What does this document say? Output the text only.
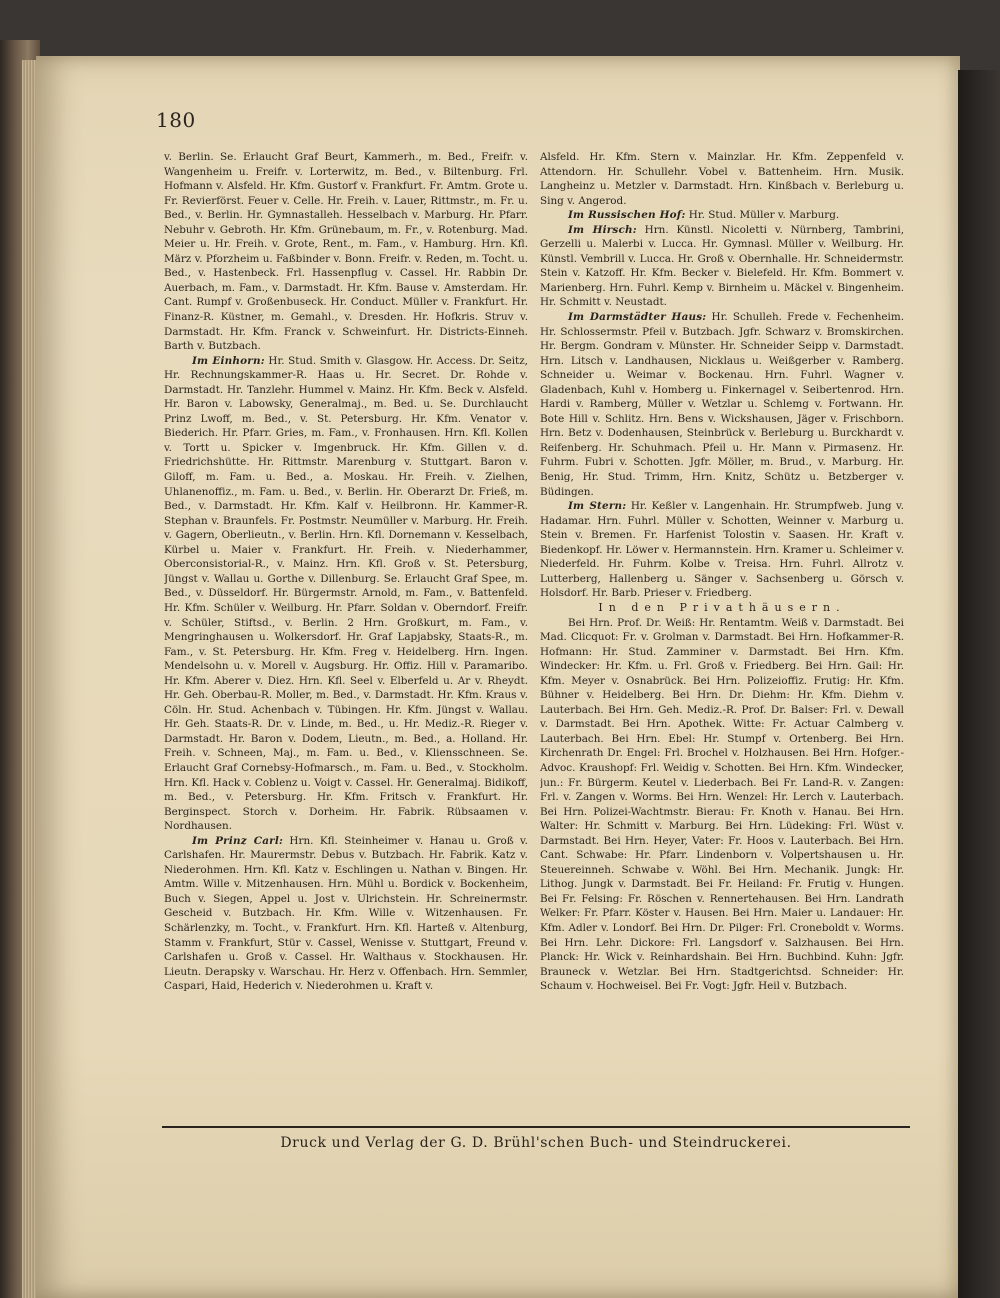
180

v. Berlin. Se. Erlaucht Graf Beurt, Kammerh., m. Bed., Freifr. v. Wangenheim u. Freifr. v. Lorterwitz, m. Bed., v. Biltenburg. Frl. Hofmann v. Alsfeld. Hr. Kfm. Gustorf v. Frankfurt. Fr. Amtm. Grote u. Fr. Revierförst. Feuer v. Celle. Hr. Freih. v. Lauer, Rittmstr., m. Fr. u. Bed., v. Berlin. Hr. Gymnastalleh. Hesselbach v. Marburg. Hr. Pfarr. Nebuhr v. Gebroth. Hr. Kfm. Grünebaum, m. Fr., v. Rotenburg. Mad. Meier u. Hr. Freih. v. Grote, Rent., m. Fam., v. Hamburg. Hrn. Kfl. März v. Pforzheim u. Faßbinder v. Bonn. Freifr. v. Reden, m. Tocht. u. Bed., v. Hastenbeck. Frl. Hassenpflug v. Cassel. Hr. Rabbin Dr. Auerbach, m. Fam., v. Darmstadt. Hr. Kfm. Bause v. Amsterdam. Hr. Cant. Rumpf v. Großenbuseck. Hr. Conduct. Müller v. Frankfurt. Hr. Finanz-R. Küstner, m. Gemahl., v. Dresden. Hr. Hofkris. Struv v. Darmstadt. Hr. Kfm. Franck v. Schweinfurt. Hr. Districts-Einneh. Barth v. Butzbach.

Im Einhorn: Hr. Stud. Smith v. Glasgow. Hr. Access. Dr. Seitz, Hr. Rechnungskammer-R. Haas u. Hr. Secret. Dr. Rohde v. Darmstadt. Hr. Tanzlehr. Hummel v. Mainz. Hr. Kfm. Beck v. Alsfeld. Hr. Baron v. Labowsky, Generalmaj., m. Bed. u. Se. Durchlaucht Prinz Lwoff, m. Bed., v. St. Petersburg. Hr. Kfm. Venator v. Biederich. Hr. Pfarr. Gries, m. Fam., v. Fronhausen. Hrn. Kfl. Kollen v. Tortt u. Spicker v. Imgenbruck. Hr. Kfm. Gillen v. d. Friedrichshütte. Hr. Rittmstr. Marenburg v. Stuttgart. Baron v. Giloff, m. Fam. u. Bed., a. Moskau. Hr. Freih. v. Zielhen, Uhlanenoffiz., m. Fam. u. Bed., v. Berlin. Hr. Oberarzt Dr. Frieß, m. Bed., v. Darmstadt. Hr. Kfm. Kalf v. Heilbronn. Hr. Kammer-R. Stephan v. Braunfels. Fr. Postmstr. Neumüller v. Marburg. Hr. Freih. v. Gagern, Oberlieutn., v. Berlin. Hrn. Kfl. Dornemann v. Kesselbach, Kürbel u. Maier v. Frankfurt. Hr. Freih. v. Niederhammer, Oberconsistorial-R., v. Mainz. Hrn. Kfl. Groß v. St. Petersburg, Jüngst v. Wallau u. Gorthe v. Dillenburg. Se. Erlaucht Graf Spee, m. Bed., v. Düsseldorf. Hr. Bürgermstr. Arnold, m. Fam., v. Battenfeld. Hr. Kfm. Schüler v. Weilburg. Hr. Pfarr. Soldan v. Oberndorf. Freifr. v. Schüler, Stiftsd., v. Berlin. 2 Hrn. Großkurt, m. Fam., v. Mengringhausen u. Wolkersdorf. Hr. Graf Lapjabsky, Staats-R., m. Fam., v. St. Petersburg. Hr. Kfm. Freg v. Heidelberg. Hrn. Ingen. Mendelsohn u. v. Morell v. Augsburg. Hr. Offiz. Hill v. Paramaribo. Hr. Kfm. Aberer v. Diez. Hrn. Kfl. Seel v. Elberfeld u. Ar v. Rheydt. Hr. Geh. Oberbau-R. Moller, m. Bed., v. Darmstadt. Hr. Kfm. Kraus v. Cöln. Hr. Stud. Achenbach v. Tübingen. Hr. Kfm. Jüngst v. Wallau. Hr. Geh. Staats-R. Dr. v. Linde, m. Bed., u. Hr. Mediz.-R. Rieger v. Darmstadt. Hr. Baron v. Dodem, Lieutn., m. Bed., a. Holland. Hr. Freih. v. Schneen, Maj., m. Fam. u. Bed., v. Kliensschneen. Se. Erlaucht Graf Cornebsy-Hofmarsch., m. Fam. u. Bed., v. Stockholm. Hrn. Kfl. Hack v. Coblenz u. Voigt v. Cassel. Hr. Generalmaj. Bidikoff, m. Bed., v. Petersburg. Hr. Kfm. Fritsch v. Frankfurt. Hr. Berginspect. Storch v. Dorheim. Hr. Fabrik. Rübsaamen v. Nordhausen.

Im Prinz Carl: Hrn. Kfl. Steinheimer v. Hanau u. Groß v. Carlshafen. Hr. Maurermstr. Debus v. Butzbach. Hr. Fabrik. Katz v. Niederohmen. Hrn. Kfl. Katz v. Eschlingen u. Nathan v. Bingen. Hr. Amtm. Wille v. Mitzenhausen. Hrn. Mühl u. Bordick v. Bockenheim, Buch v. Siegen, Appel u. Jost v. Ulrichstein. Hr. Schreinermstr. Gescheid v. Butzbach. Hr. Kfm. Wille v. Witzenhausen. Fr. Schärlenzky, m. Tocht., v. Frankfurt. Hrn. Kfl. Harteß v. Altenburg, Stamm v. Frankfurt, Stür v. Cassel, Wenisse v. Stuttgart, Freund v. Carlshafen u. Groß v. Cassel. Hr. Walthaus v. Stockhausen. Hr. Lieutn. Derapsky v. Warschau. Hr. Herz v. Offenbach. Hrn. Semmler, Caspari, Haid, Hederich v. Niederohmen u. Kraft v.

Alsfeld. Hr. Kfm. Stern v. Mainzlar. Hr. Kfm. Zeppenfeld v. Attendorn. Hr. Schullehr. Vobel v. Battenheim. Hrn. Musik. Langheinz u. Metzler v. Darmstadt. Hrn. Kinßbach v. Berleburg u. Sing v. Angerod.

Im Russischen Hof: Hr. Stud. Müller v. Marburg.

Im Hirsch: Hrn. Künstl. Nicoletti v. Nürnberg, Tambrini, Gerzelli u. Malerbi v. Lucca. Hr. Gymnasl. Müller v. Weilburg. Hr. Künstl. Vembrill v. Lucca. Hr. Groß v. Obernhalle. Hr. Schneidermstr. Stein v. Katzoff. Hr. Kfm. Becker v. Bielefeld. Hr. Kfm. Bommert v. Marienberg. Hrn. Fuhrl. Kemp v. Birnheim u. Mäckel v. Bingenheim. Hr. Schmitt v. Neustadt.

Im Darmstädter Haus: Hr. Schulleh. Frede v. Fechenheim. Hr. Schlossermstr. Pfeil v. Butzbach. Jgfr. Schwarz v. Bromskirchen. Hr. Bergm. Gondram v. Münster. Hr. Schneider Seipp v. Darmstadt. Hrn. Litsch v. Landhausen, Nicklaus u. Weißgerber v. Ramberg. Schneider u. Weimar v. Bockenau. Hrn. Fuhrl. Wagner v. Gladenbach, Kuhl v. Homberg u. Finkernagel v. Seibertenrod. Hrn. Hardi v. Ramberg, Müller v. Wetzlar u. Schlemg v. Fortwann. Hr. Bote Hill v. Schlitz. Hrn. Bens v. Wickshausen, Jäger v. Frischborn. Hrn. Betz v. Dodenhausen, Steinbrück v. Berleburg u. Burckhardt v. Reifenberg. Hr. Schuhmach. Pfeil u. Hr. Mann v. Pirmasenz. Hr. Fuhrm. Fubri v. Schotten. Jgfr. Möller, m. Brud., v. Marburg. Hr. Benig, Hr. Stud. Trimm, Hrn. Knitz, Schütz u. Betzberger v. Büdingen.

Im Stern: Hr. Keßler v. Langenhain. Hr. Strumpfweb. Jung v. Hadamar. Hrn. Fuhrl. Müller v. Schotten, Weinner v. Marburg u. Stein v. Bremen. Fr. Harfenist Tolostin v. Saasen. Hr. Kraft v. Biedenkopf. Hr. Löwer v. Hermannstein. Hrn. Kramer u. Schleimer v. Niederfeld. Hr. Fuhrm. Kolbe v. Treisa. Hrn. Fuhrl. Allrotz v. Lutterberg, Hallenberg u. Sänger v. Sachsenberg u. Görsch v. Holsdorf. Hr. Barb. Prieser v. Friedberg.

In den Privathäusern.

Bei Hrn. Prof. Dr. Weiß: Hr. Rentamtm. Weiß v. Darmstadt. Bei Mad. Clicquot: Fr. v. Grolman v. Darmstadt. Bei Hrn. Hofkammer-R. Hofmann: Hr. Stud. Zamminer v. Darmstadt. Bei Hrn. Kfm. Windecker: Hr. Kfm. u. Frl. Groß v. Friedberg. Bei Hrn. Gail: Hr. Kfm. Meyer v. Osnabrück. Bei Hrn. Polizeioffiz. Frutig: Hr. Kfm. Bühner v. Heidelberg. Bei Hrn. Dr. Diehm: Hr. Kfm. Diehm v. Lauterbach. Bei Hrn. Geh. Mediz.-R. Prof. Dr. Balser: Frl. v. Dewall v. Darmstadt. Bei Hrn. Apothek. Witte: Fr. Actuar Calmberg v. Lauterbach. Bei Hrn. Ebel: Hr. Stumpf v. Ortenberg. Bei Hrn. Kirchenrath Dr. Engel: Frl. Brochel v. Holzhausen. Bei Hrn. Hofger.-Advoc. Kraushopf: Frl. Weidig v. Schotten. Bei Hrn. Kfm. Windecker, jun.: Fr. Bürgerm. Keutel v. Liederbach. Bei Fr. Land-R. v. Zangen: Frl. v. Zangen v. Worms. Bei Hrn. Wenzel: Hr. Lerch v. Lauterbach. Bei Hrn. Polizei-Wachtmstr. Bierau: Fr. Knoth v. Hanau. Bei Hrn. Walter: Hr. Schmitt v. Marburg. Bei Hrn. Lüdeking: Frl. Wüst v. Darmstadt. Bei Hrn. Heyer, Vater: Fr. Hoos v. Lauterbach. Bei Hrn. Cant. Schwabe: Hr. Pfarr. Lindenborn v. Volpertshausen u. Hr. Steuereinneh. Schwabe v. Wöhl. Bei Hrn. Mechanik. Jungk: Hr. Lithog. Jungk v. Darmstadt. Bei Fr. Heiland: Fr. Frutig v. Hungen. Bei Fr. Felsing: Fr. Röschen v. Rennertehausen. Bei Hrn. Landrath Welker: Fr. Pfarr. Köster v. Hausen. Bei Hrn. Maier u. Landauer: Hr. Kfm. Adler v. Londorf. Bei Hrn. Dr. Pilger: Frl. Croneboldt v. Worms. Bei Hrn. Lehr. Dickore: Frl. Langsdorf v. Salzhausen. Bei Hrn. Planck: Hr. Wick v. Reinhardshain. Bei Hrn. Buchbind. Kuhn: Jgfr. Brauneck v. Wetzlar. Bei Hrn. Stadtgerichtsd. Schneider: Hr. Schaum v. Hochweisel. Bei Fr. Vogt: Jgfr. Heil v. Butzbach.

Druck und Verlag der G. D. Brühl'schen Buch- und Steindruckerei.
